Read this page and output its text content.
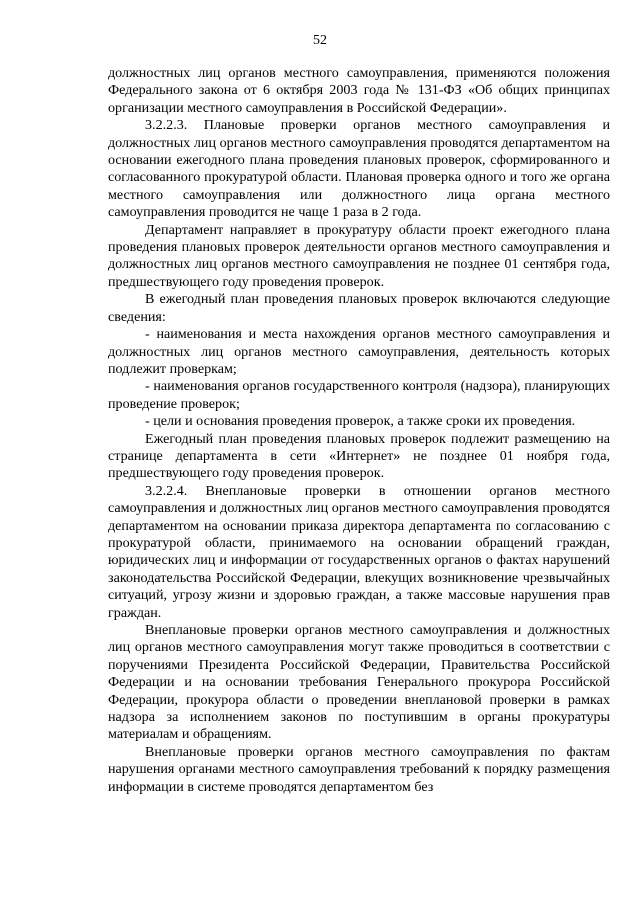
52

должностных лиц органов местного самоуправления, применяются положения Федерального закона от 6 октября 2003 года № 131-ФЗ «Об общих принципах организации местного самоуправления в Российской Федерации».

3.2.2.3. Плановые проверки органов местного самоуправления и должностных лиц органов местного самоуправления проводятся департаментом на основании ежегодного плана проведения плановых проверок, сформированного и согласованного прокуратурой области. Плановая проверка одного и того же органа местного самоуправления или должностного лица органа местного самоуправления проводится не чаще 1 раза в 2 года.

Департамент направляет в прокуратуру области проект ежегодного плана проведения плановых проверок деятельности органов местного самоуправления и должностных лиц органов местного самоуправления не позднее 01 сентября года, предшествующего году проведения проверок.

В ежегодный план проведения плановых проверок включаются следующие сведения:

- наименования и места нахождения органов местного самоуправления и должностных лиц органов местного самоуправления, деятельность которых подлежит проверкам;

- наименования органов государственного контроля (надзора), планирующих проведение проверок;

- цели и основания проведения проверок, а также сроки их проведения.

Ежегодный план проведения плановых проверок подлежит размещению на странице департамента в сети «Интернет» не позднее 01 ноября года, предшествующего году проведения проверок.

3.2.2.4. Внеплановые проверки в отношении органов местного самоуправления и должностных лиц органов местного самоуправления проводятся департаментом на основании приказа директора департамента по согласованию с прокуратурой области, принимаемого на основании обращений граждан, юридических лиц и информации от государственных органов о фактах нарушений законодательства Российской Федерации, влекущих возникновение чрезвычайных ситуаций, угрозу жизни и здоровью граждан, а также массовые нарушения прав граждан.

Внеплановые проверки органов местного самоуправления и должностных лиц органов местного самоуправления могут также проводиться в соответствии с поручениями Президента Российской Федерации, Правительства Российской Федерации и на основании требования Генерального прокурора Российской Федерации, прокурора области о проведении внеплановой проверки в рамках надзора за исполнением законов по поступившим в органы прокуратуры материалам и обращениям.

Внеплановые проверки органов местного самоуправления по фактам нарушения органами местного самоуправления требований к порядку размещения информации в системе проводятся департаментом без
